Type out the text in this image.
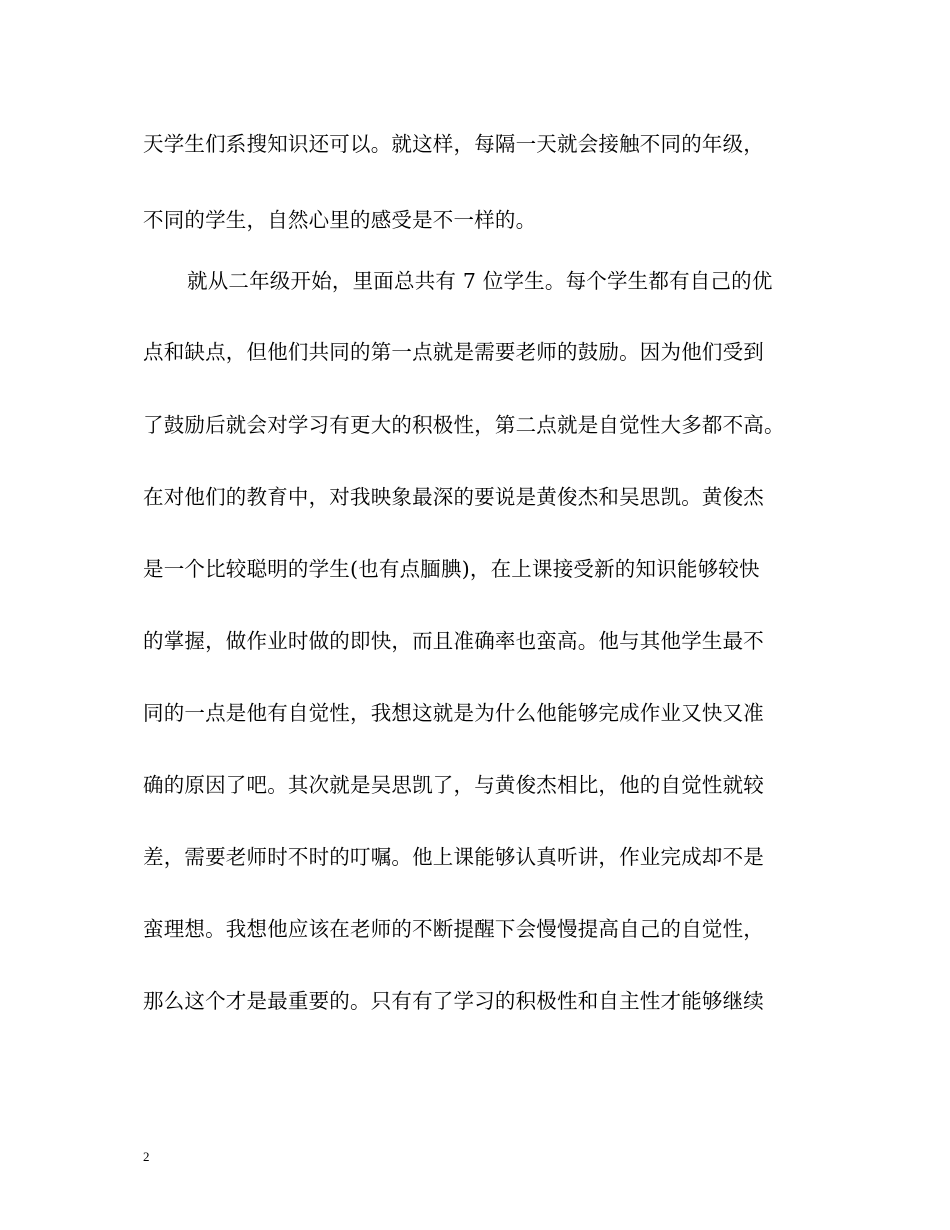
天学生们系搜知识还可以。就这样，每隔一天就会接触不同的年级，
不同的学生，自然心里的感受是不一样的。
就从二年级开始，里面总共有 7 位学生。每个学生都有自己的优
点和缺点，但他们共同的第一点就是需要老师的鼓励。因为他们受到
了鼓励后就会对学习有更大的积极性，第二点就是自觉性大多都不高。
在对他们的教育中，对我映象最深的要说是黄俊杰和吴思凯。黄俊杰
是一个比较聪明的学生(也有点腼腆)，在上课接受新的知识能够较快
的掌握，做作业时做的即快，而且准确率也蛮高。他与其他学生最不
同的一点是他有自觉性，我想这就是为什么他能够完成作业又快又准
确的原因了吧。其次就是吴思凯了，与黄俊杰相比，他的自觉性就较
差，需要老师时不时的叮嘱。他上课能够认真听讲，作业完成却不是
蛮理想。我想他应该在老师的不断提醒下会慢慢提高自己的自觉性，
那么这个才是最重要的。只有有了学习的积极性和自主性才能够继续
2
